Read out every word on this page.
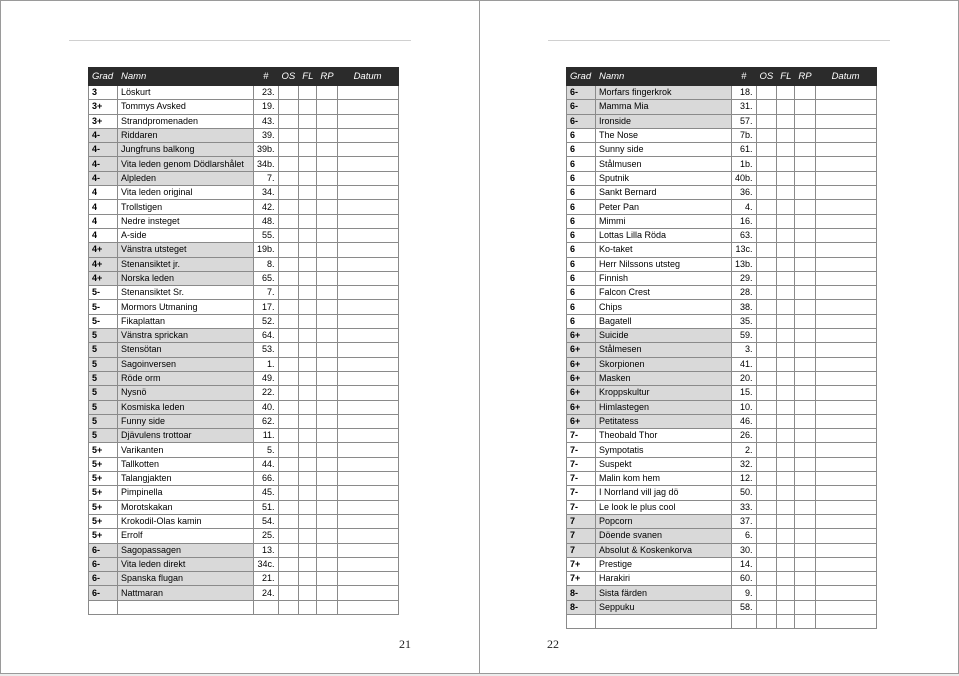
Grad	Namn	#	OS	FL	RP	Datum
3	Löskurt	23.				
3+	Tommys Avsked	19.				
3+	Strandpromenaden	43.				
4-	Riddaren	39.				
4-	Jungfruns balkong	39b.				
4-	Vita leden genom Dödlarshålet	34b.				
4-	Alpleden	7.				
4	Vita leden original	34.				
4	Trollstigen	42.				
4	Nedre insteget	48.				
4	A-side	55.				
4+	Vänstra utsteget	19b.				
4+	Stenansiktet jr.	8.				
4+	Norska leden	65.				
5-	Stenansiktet Sr.	7.				
5-	Mormors Utmaning	17.				
5-	Fikaplattan	52.				
5	Vänstra sprickan	64.				
5	Stensötan	53.				
5	Sagoinversen	1.				
5	Röde orm	49.				
5	Nysnö	22.				
5	Kosmiska leden	40.				
5	Funny side	62.				
5	Djävulens trottoar	11.				
5+	Varikanten	5.				
5+	Tallkotten	44.				
5+	Talangjakten	66.				
5+	Pimpinella	45.				
5+	Morotskakan	51.				
5+	Krokodil-Olas kamin	54.				
5+	Errolf	25.				
6-	Sagopassagen	13.				
6-	Vita leden direkt	34c.				
6-	Spanska flugan	21.				
6-	Nattmaran	24.				

21
Grad	Namn	#	OS	FL	RP	Datum
6-	Morfars fingerkrok	18.				
6-	Mamma Mia	31.				
6-	Ironside	57.				
6	The Nose	7b.				
6	Sunny side	61.				
6	Stålmusen	1b.				
6	Sputnik	40b.				
6	Sankt Bernard	36.				
6	Peter Pan	4.				
6	Mimmi	16.				
6	Lottas Lilla Röda	63.				
6	Ko-taket	13c.				
6	Herr Nilssons utsteg	13b.				
6	Finnish	29.				
6	Falcon Crest	28.				
6	Chips	38.				
6	Bagatell	35.				
6+	Suicide	59.				
6+	Stålmesen	3.				
6+	Skorpionen	41.				
6+	Masken	20.				
6+	Kroppskultur	15.				
6+	Himlastegen	10.				
6+	Petitatess	46.				
7-	Theobald Thor	26.				
7-	Sympotatis	2.				
7-	Suspekt	32.				
7-	Malin kom hem	12.				
7-	I Norrland vill jag dö	50.				
7-	Le look le plus cool	33.				
7	Popcorn	37.				
7	Döende svanen	6.				
7	Absolut & Koskenkorva	30.				
7+	Prestige	14.				
7+	Harakiri	60.				
8-	Sista färden	9.				
8-	Seppuku	58.				

22
